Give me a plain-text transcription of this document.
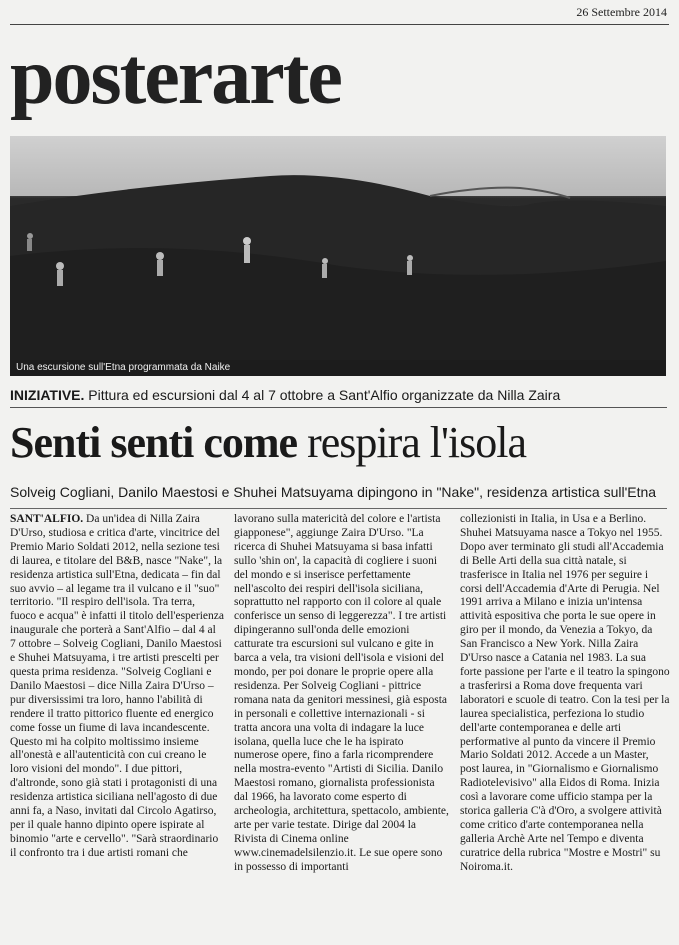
26 Settembre 2014
posterarte
Una escursione sull'Etna programmata da Naike
INIZIATIVE. Pittura ed escursioni dal 4 al 7 ottobre a Sant'Alfio organizzate da Nilla Zaira
Senti senti come respira l'isola
Solveig Cogliani, Danilo Maestosi e Shuhei Matsuyama dipingono in "Nake", residenza artistica sull'Etna

SANT'ALFIO. Da un'idea di Nilla Zaira D'Urso, studiosa e critica d'arte, vincitrice del Premio Mario Soldati 2012, nella sezione tesi di laurea, e titolare del B&B, nasce "Nake", la residenza artistica sull'Etna, dedicata – fin dal suo avvio – al legame tra il vulcano e il "suo" territorio. "Il respiro dell'isola. Tra terra, fuoco e acqua" è infatti il titolo dell'esperienza inaugurale che porterà a Sant'Alfio – dal 4 al 7 ottobre – Solveig Cogliani, Danilo Maestosi e Shuhei Matsuyama, i tre artisti prescelti per questa prima residenza. "Solveig Cogliani e Danilo Maestosi – dice Nilla Zaira D'Urso – pur diversissimi tra loro, hanno l'abilità di rendere il tratto pittorico fluente ed energico come fosse un fiume di lava incandescente. Questo mi ha colpito moltissimo insieme all'onestà e all'autenticità con cui creano le loro visioni del mondo". I due pittori, d'altronde, sono già stati i protagonisti di una residenza artistica siciliana nell'agosto di due anni fa, a Naso, invitati dal Circolo Agatirso, per il quale hanno dipinto opere ispirate al binomio "arte e cervello". "Sarà straordinario il confronto tra i due artisti romani che

lavorano sulla matericità del colore e l'artista giapponese", aggiunge Zaira D'Urso. "La ricerca di Shuhei Matsuyama si basa infatti sullo 'shin on', la capacità di cogliere i suoni del mondo e si inserisce perfettamente nell'ascolto dei respiri dell'isola siciliana, soprattutto nel rapporto con il colore al quale conferisce un senso di leggerezza". I tre artisti dipingeranno sull'onda delle emozioni catturate tra escursioni sul vulcano e gite in barca a vela, tra visioni dell'isola e visioni del mondo, per poi donare le proprie opere alla residenza. Per Solveig Cogliani - pittrice romana nata da genitori messinesi, già esposta in personali e collettive internazionali - si tratta ancora una volta di indagare la luce isolana, quella luce che le ha ispirato numerose opere, fino a farla ricomprendere nella mostra-evento "Artisti di Sicilia. Danilo Maestosi romano, giornalista professionista dal 1966, ha lavorato come esperto di archeologia, architettura, spettacolo, ambiente, arte per varie testate. Dirige dal 2004 la Rivista di Cinema online www.cinemadelsilenzio.it. Le sue opere sono in possesso di importanti

collezionisti in Italia, in Usa e a Berlino. Shuhei Matsuyama nasce a Tokyo nel 1955. Dopo aver terminato gli studi all'Accademia di Belle Arti della sua città natale, si trasferisce in Italia nel 1976 per seguire i corsi dell'Accademia d'Arte di Perugia. Nel 1991 arriva a Milano e inizia un'intensa attività espositiva che porta le sue opere in giro per il mondo, da Venezia a Tokyo, da San Francisco a New York. Nilla Zaira D'Urso nasce a Catania nel 1983. La sua forte passione per l'arte e il teatro la spingono a trasferirsi a Roma dove frequenta vari laboratori e scuole di teatro. Con la tesi per la laurea specialistica, perfeziona lo studio dell'arte contemporanea e delle arti performative al punto da vincere il Premio Mario Soldati 2012. Accede a un Master, post laurea, in "Giornalismo e Giornalismo Radiotelevisivo" alla Eidos di Roma. Inizia così a lavorare come ufficio stampa per la storica galleria C'à d'Oro, a svolgere attività come critico d'arte contemporanea nella galleria Archè Arte nel Tempo e diventa curatrice della rubrica "Mostre e Mostri" su Noiroma.it.
